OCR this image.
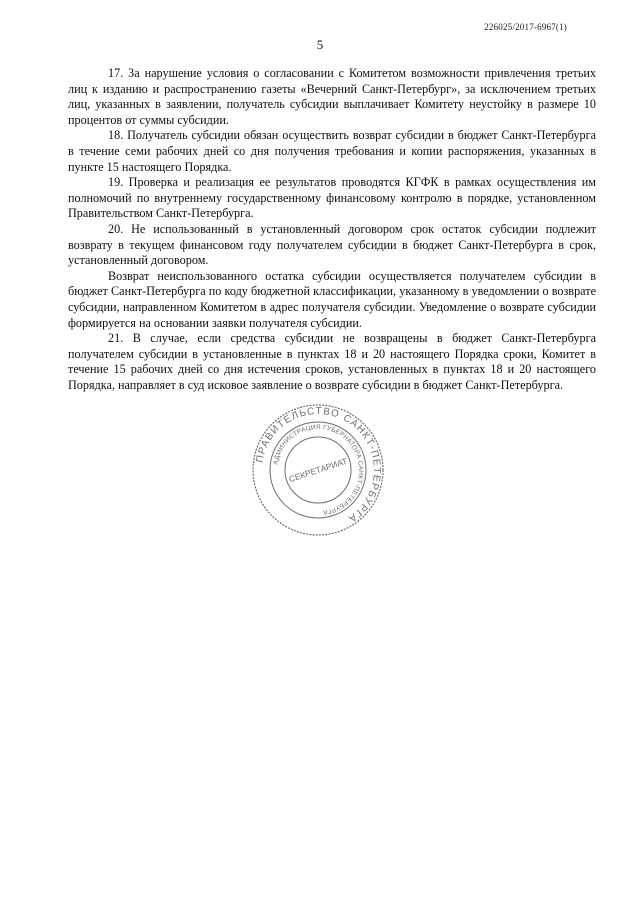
226025/2017-6967(1)
5

17. За нарушение условия о согласовании с Комитетом возможности привлечения третьих лиц к изданию и распространению газеты «Вечерний Санкт-Петербург», за исключением третьих лиц, указанных в заявлении, получатель субсидии выплачивает Комитету неустойку в размере 10 процентов от суммы субсидии.

18. Получатель субсидии обязан осуществить возврат субсидии в бюджет Санкт-Петербурга в течение семи рабочих дней со дня получения требования и копии распоряжения, указанных в пункте 15 настоящего Порядка.

19. Проверка и реализация ее результатов проводятся КГФК в рамках осуществления им полномочий по внутреннему государственному финансовому контролю в порядке, установленном Правительством Санкт-Петербурга.

20. Не использованный в установленный договором срок остаток субсидии подлежит возврату в текущем финансовом году получателем субсидии в бюджет Санкт-Петербурга в срок, установленный договором.

Возврат неиспользованного остатка субсидии осуществляется получателем субсидии в бюджет Санкт-Петербурга по коду бюджетной классификации, указанному в уведомлении о возврате субсидии, направленном Комитетом в адрес получателя субсидии. Уведомление о возврате субсидии формируется на основании заявки получателя субсидии.

21. В случае, если средства субсидии не возвращены в бюджет Санкт-Петербурга получателем субсидии в установленные в пунктах 18 и 20 настоящего Порядка сроки, Комитет в течение 15 рабочих дней со дня истечения сроков, установленных в пунктах 18 и 20 настоящего Порядка, направляет в суд исковое заявление о возврате субсидии в бюджет Санкт-Петербурга.

ПРАВИТЕЛЬСТВО САНКТ-ПЕТЕРБУРГА
АДМИНИСТРАЦИЯ ГУБЕРНАТОРА САНКТ-ПЕТЕРБУРГА
СЕКРЕТАРИАТ
